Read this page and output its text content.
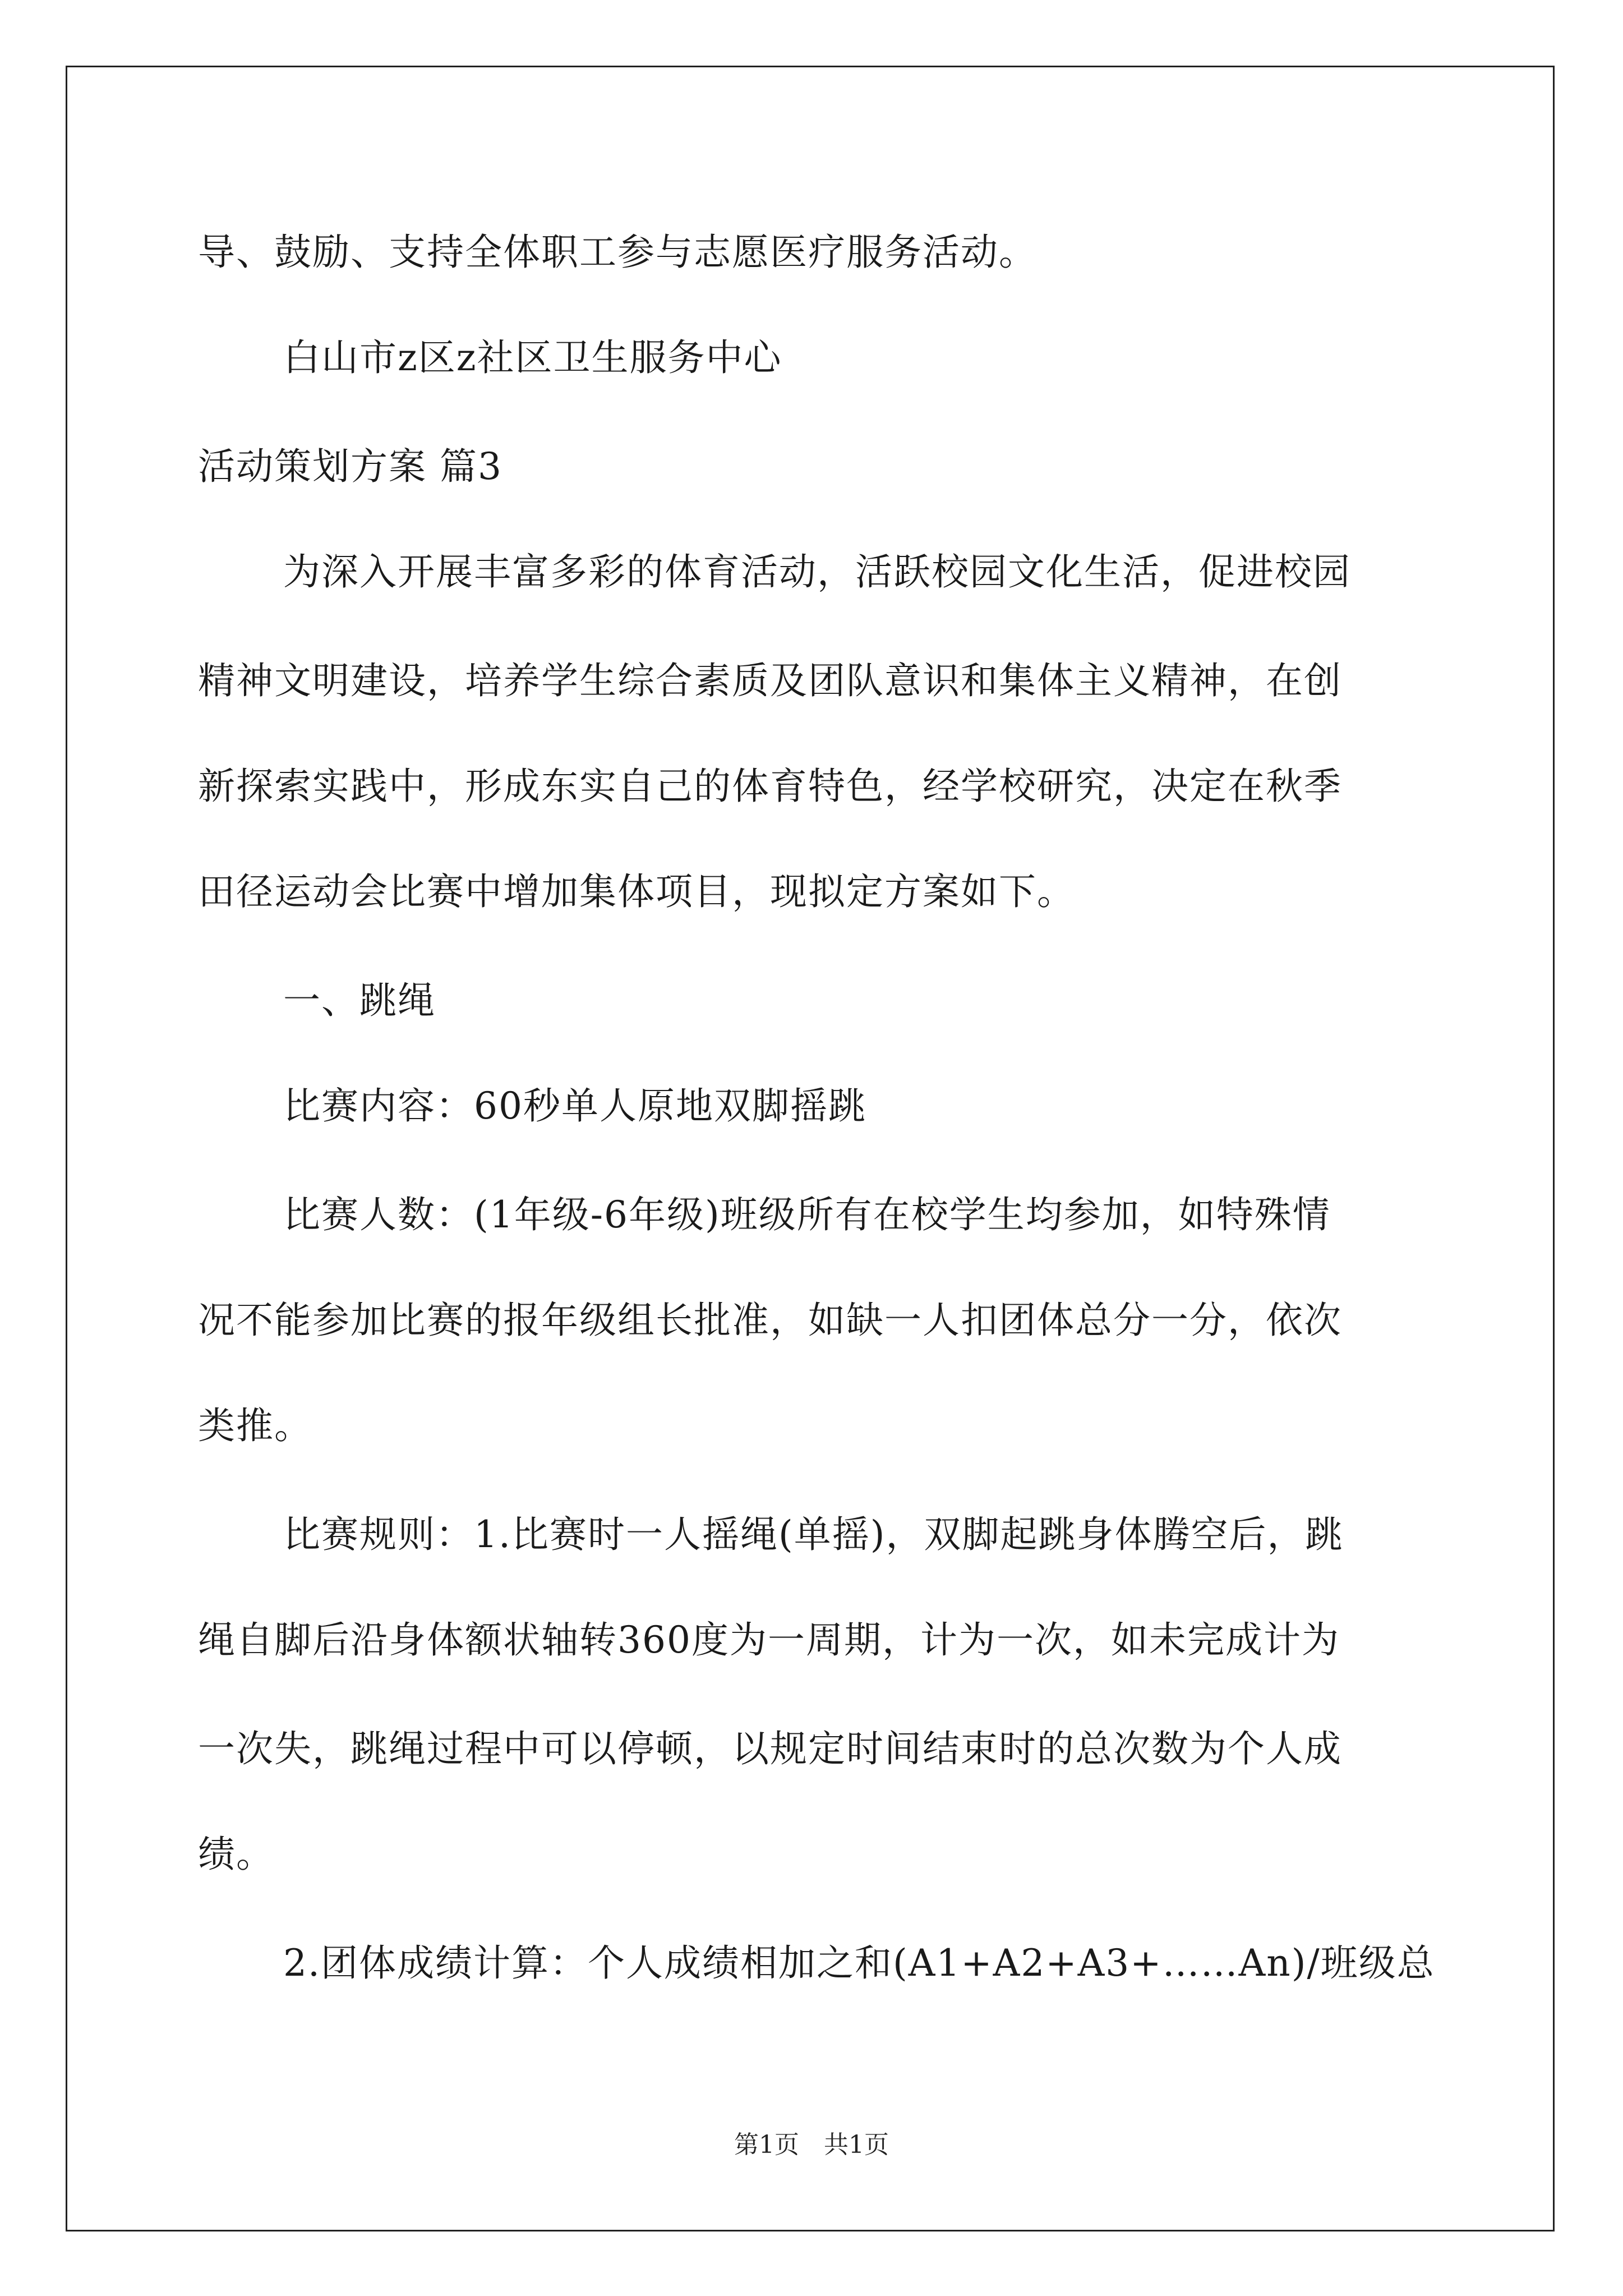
导、鼓励、支持全体职工参与志愿医疗服务活动。
白山市z区z社区卫生服务中心
活动策划方案 篇3
为深入开展丰富多彩的体育活动，活跃校园文化生活，促进校园
精神文明建设，培养学生综合素质及团队意识和集体主义精神，在创
新探索实践中，形成东实自己的体育特色，经学校研究，决定在秋季
田径运动会比赛中增加集体项目，现拟定方案如下。
一、跳绳
比赛内容：60秒单人原地双脚摇跳
比赛人数：(1年级-6年级)班级所有在校学生均参加，如特殊情
况不能参加比赛的报年级组长批准，如缺一人扣团体总分一分，依次
类推。
比赛规则：1.比赛时一人摇绳(单摇)，双脚起跳身体腾空后，跳
绳自脚后沿身体额状轴转360度为一周期，计为一次，如未完成计为
一次失，跳绳过程中可以停顿，以规定时间结束时的总次数为个人成
绩。
2.团体成绩计算：个人成绩相加之和(A1+A2+A3+……An)/班级总
第1页　共1页
